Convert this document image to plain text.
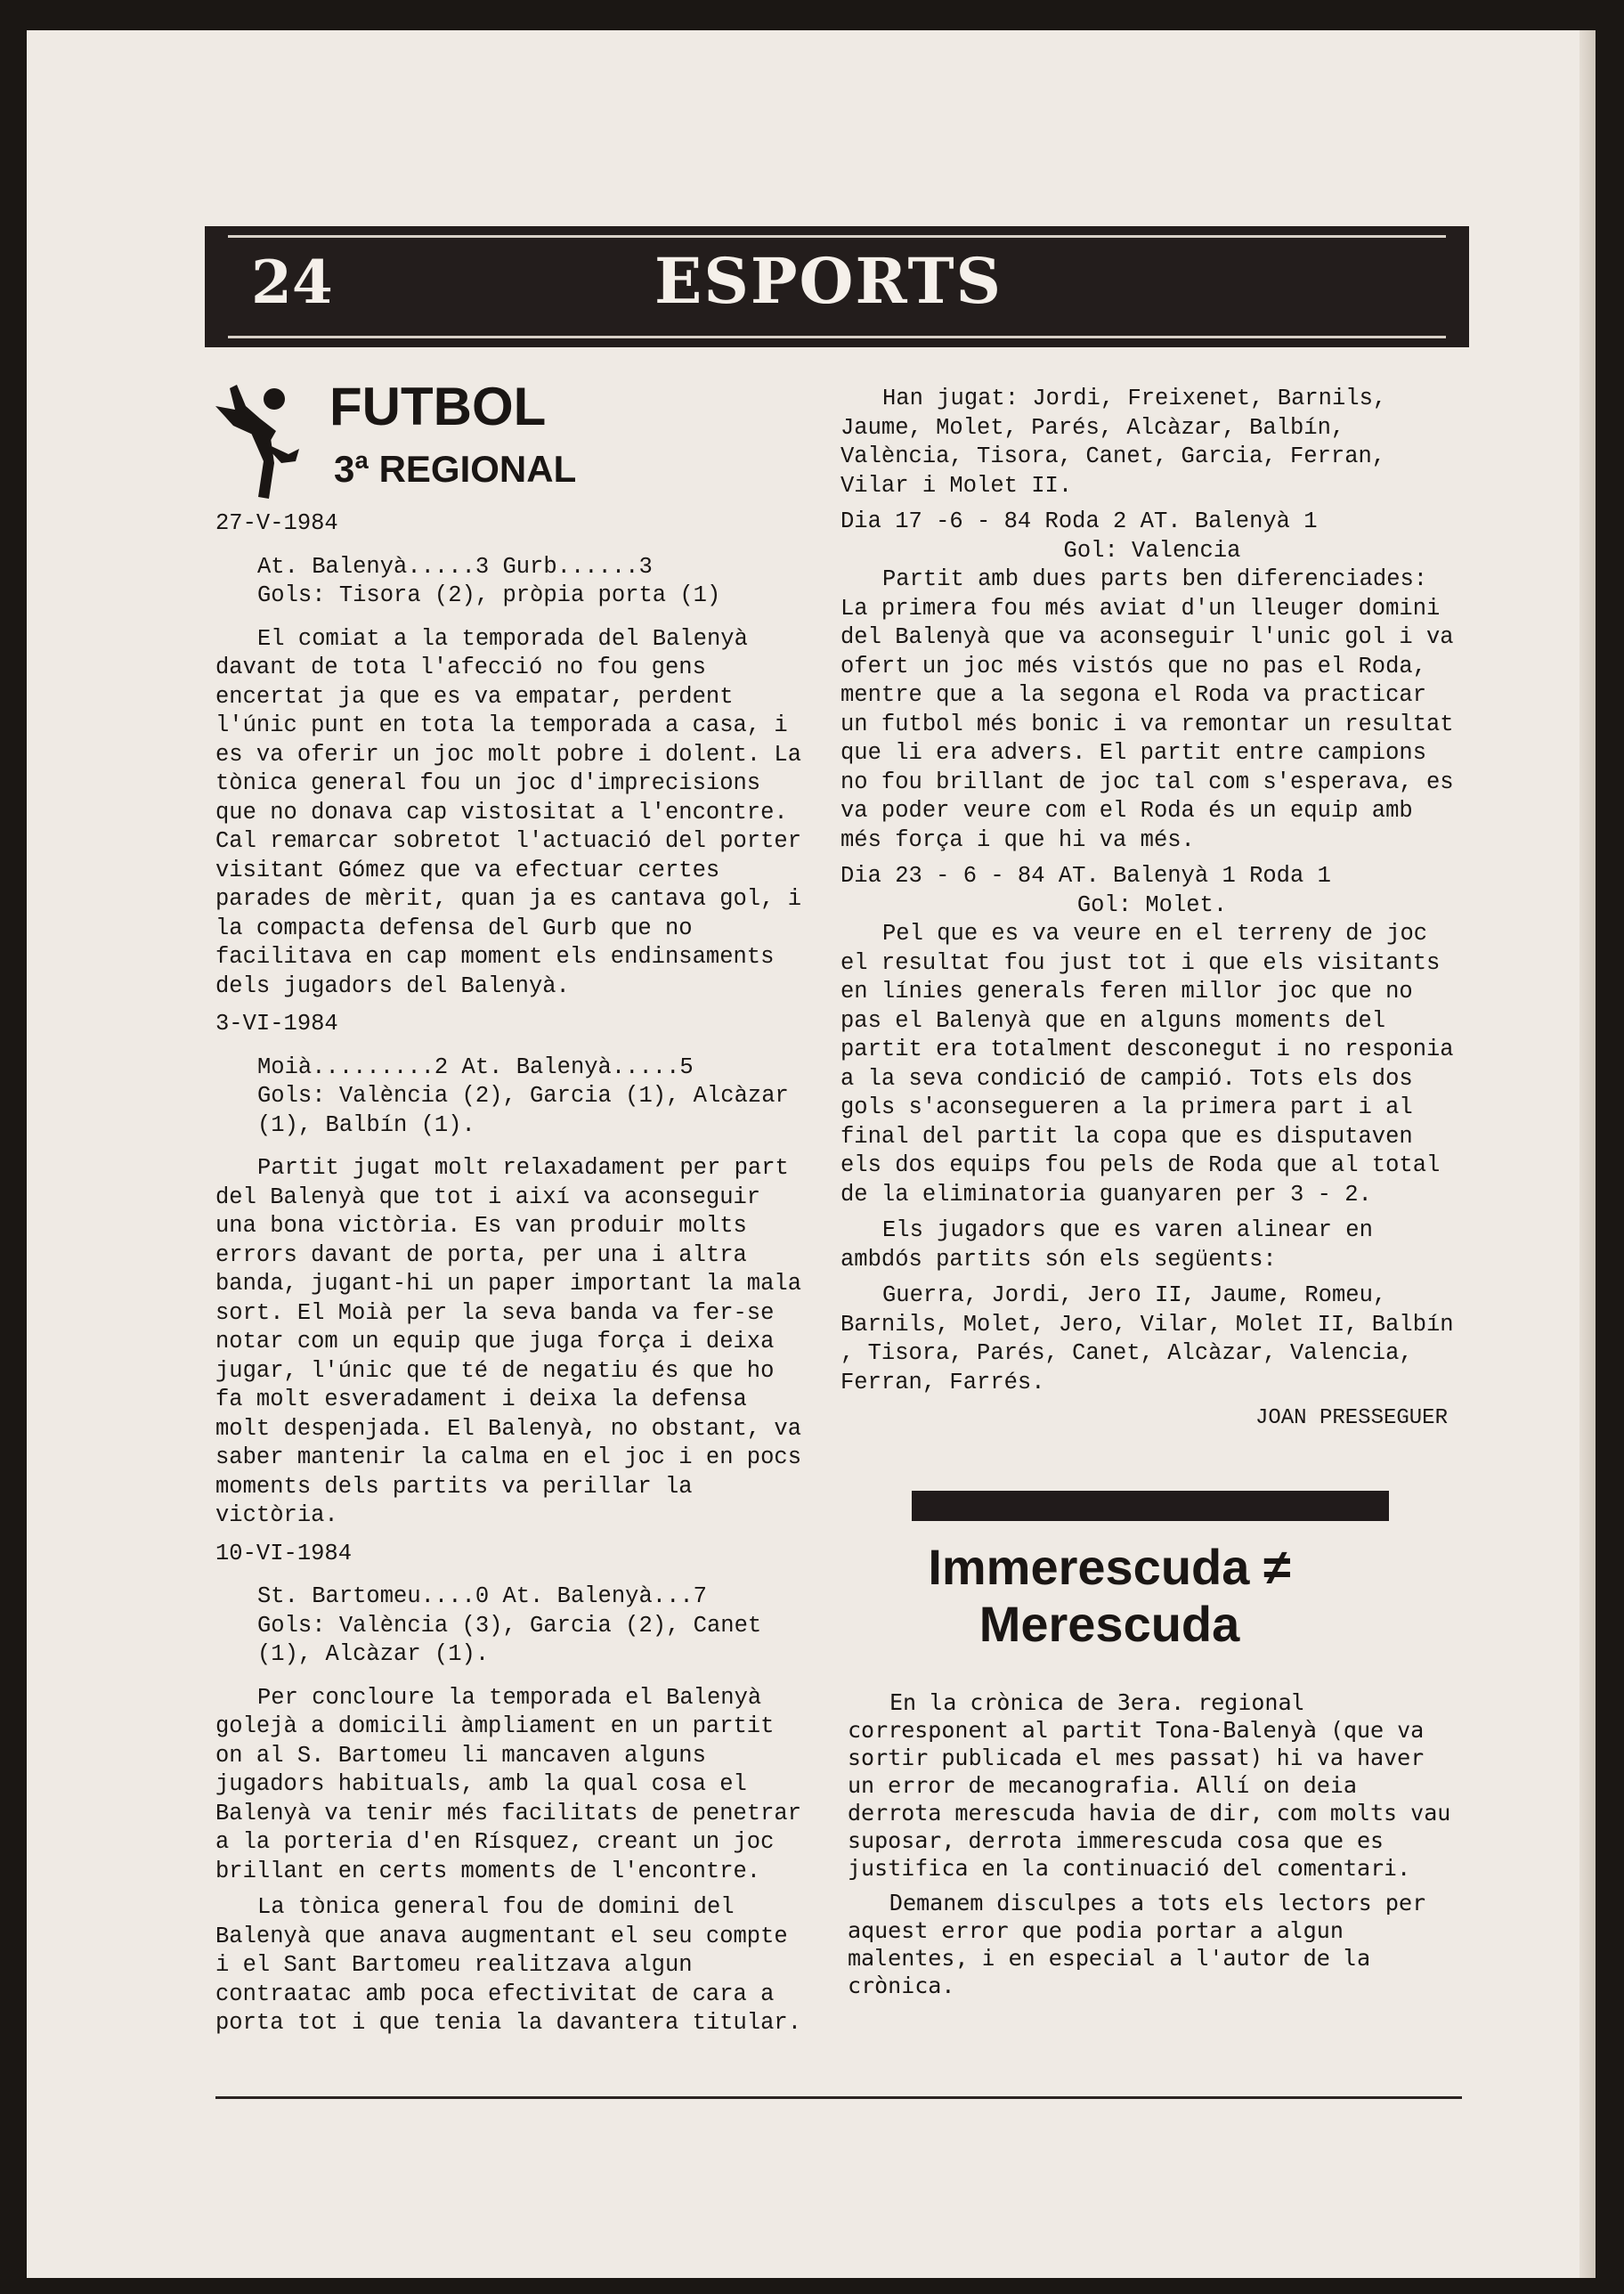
24	ESPORTS
FUTBOL
3ª REGIONAL

27-V-1984

At. Balenyà.....3 Gurb......3

Gols: Tisora (2), pròpia porta (1)

El comiat a la temporada del Balenyà davant de tota l'afecció no fou gens encertat ja que es va empatar, perdent l'únic punt en tota la temporada a casa, i es va oferir un joc molt pobre i dolent. La tònica general fou un joc d'imprecisions que no donava cap vistositat a l'encontre. Cal remarcar sobretot l'actuació del porter visitant Gómez que va efectuar certes parades de mèrit, quan ja es cantava gol, i la compacta defensa del Gurb que no facilitava en cap moment els endinsaments dels jugadors del Balenyà.

3-VI-1984

Moià.........2 At. Balenyà.....5

Gols: València (2), Garcia (1), Alcàzar (1), Balbín (1).

Partit jugat molt relaxadament per part del Balenyà que tot i així va aconseguir una bona victòria. Es van produir molts errors davant de porta, per una i altra banda, jugant-hi un paper important la mala sort. El Moià per la seva banda va fer-se notar com un equip que juga força i deixa jugar, l'únic que té de negatiu és que ho fa molt esveradament i deixa la defensa molt despenjada. El Balenyà, no obstant, va saber mantenir la calma en el joc i en pocs moments dels partits va perillar la victòria.

10-VI-1984

St. Bartomeu....0 At. Balenyà...7

Gols: València (3), Garcia (2), Canet (1), Alcàzar (1).

Per concloure la temporada el Balenyà golejà a domicili àmpliament en un partit on al S. Bartomeu li mancaven alguns jugadors habituals, amb la qual cosa el Balenyà va tenir més facilitats de penetrar a la porteria d'en Rísquez, creant un joc brillant en certs moments de l'encontre.

La tònica general fou de domini del Balenyà que anava augmentant el seu compte i el Sant Bartomeu realitzava algun contraatac amb poca efectivitat de cara a porta tot i que tenia la davantera titular.

Han jugat: Jordi, Freixenet, Barnils, Jaume, Molet, Parés, Alcàzar, Balbín, València, Tisora, Canet, Garcia, Ferran, Vilar i Molet II.

Dia 17 -6 - 84 Roda 2 AT. Balenyà 1

Gol: Valencia

Partit amb dues parts ben diferenciades: La primera fou més aviat d'un lleuger domini del Balenyà que va aconseguir l'unic gol i va ofert un joc més vistós que no pas el Roda, mentre que a la segona el Roda va practicar un futbol més bonic i va remontar un resultat que li era advers. El partit entre campions no fou brillant de joc tal com s'esperava, es va poder veure com el Roda és un equip amb més força i que hi va més.

Dia 23 - 6 - 84 AT. Balenyà 1 Roda 1

Gol: Molet.

Pel que es va veure en el terreny de joc el resultat fou just tot i que els visitants en línies generals feren millor joc que no pas el Balenyà que en alguns moments del partit era totalment desconegut i no responia a la seva condició de campió. Tots els dos gols s'aconsegueren a la primera part i al final del partit la copa que es disputaven els dos equips fou pels de Roda que al total de la eliminatoria guanyaren per 3 - 2.

Els jugadors que es varen alinear en ambdós partits són els següents:

Guerra, Jordi, Jero II, Jaume, Romeu, Barnils, Molet, Jero, Vilar, Molet II, Balbín , Tisora, Parés, Canet, Alcàzar, Valencia, Ferran, Farrés.

JOAN PRESSEGUER

Immerescuda ≠
Merescuda

En la crònica de 3era. regional corresponent al partit Tona-Balenyà (que va sortir publicada el mes passat) hi va haver un error de mecanografia. Allí on deia derrota merescuda havia de dir, com molts vau suposar, derrota immerescuda cosa que es justifica en la continuació del comentari.

Demanem disculpes a tots els lectors per aquest error que podia portar a algun malentes, i en especial a l'autor de la crònica.
